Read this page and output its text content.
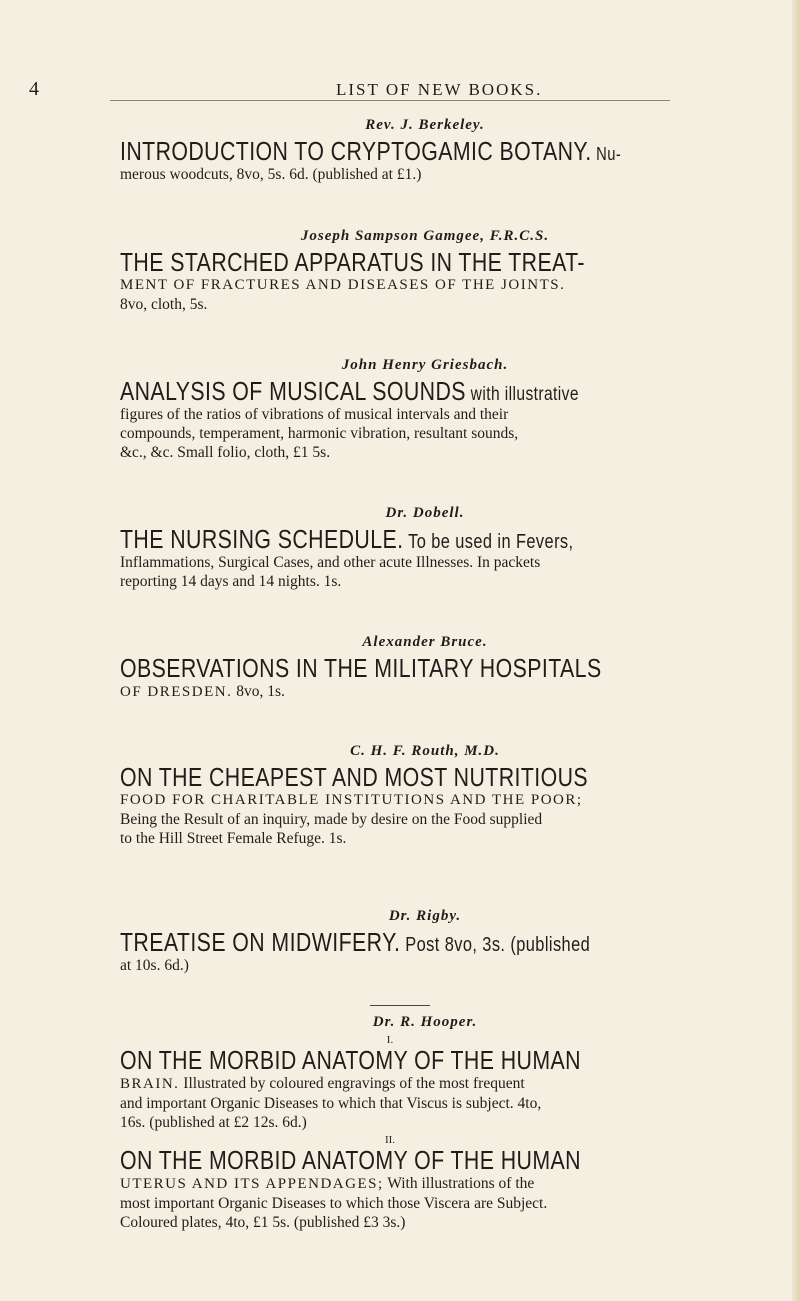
4	LIST OF NEW BOOKS.
Rev. J. Berkeley.
INTRODUCTION TO CRYPTOGAMIC BOTANY. Nu-
merous woodcuts, 8vo, 5s. 6d. (published at £1.)
Joseph Sampson Gamgee, F.R.C.S.
THE STARCHED APPARATUS IN THE TREAT-
MENT OF FRACTURES AND DISEASES OF THE JOINTS.
8vo, cloth, 5s.
John Henry Griesbach.
ANALYSIS OF MUSICAL SOUNDS with illustrative
figures of the ratios of vibrations of musical intervals and their
compounds, temperament, harmonic vibration, resultant sounds,
&c., &c. Small folio, cloth, £1 5s.
Dr. Dobell.
THE NURSING SCHEDULE. To be used in Fevers,
Inflammations, Surgical Cases, and other acute Illnesses. In packets
reporting 14 days and 14 nights. 1s.
Alexander Bruce.
OBSERVATIONS IN THE MILITARY HOSPITALS
OF DRESDEN. 8vo, 1s.
C. H. F. Routh, M.D.
ON THE CHEAPEST AND MOST NUTRITIOUS
FOOD FOR CHARITABLE INSTITUTIONS AND THE POOR;
Being the Result of an inquiry, made by desire on the Food supplied
to the Hill Street Female Refuge. 1s.
Dr. Rigby.
TREATISE ON MIDWIFERY. Post 8vo, 3s. (published
at 10s. 6d.)
Dr. R. Hooper.
I.
ON THE MORBID ANATOMY OF THE HUMAN
BRAIN. Illustrated by coloured engravings of the most frequent
and important Organic Diseases to which that Viscus is subject. 4to,
16s. (published at £2 12s. 6d.)
II.
ON THE MORBID ANATOMY OF THE HUMAN
UTERUS AND ITS APPENDAGES; With illustrations of the
most important Organic Diseases to which those Viscera are Subject.
Coloured plates, 4to, £1 5s. (published £3 3s.)
